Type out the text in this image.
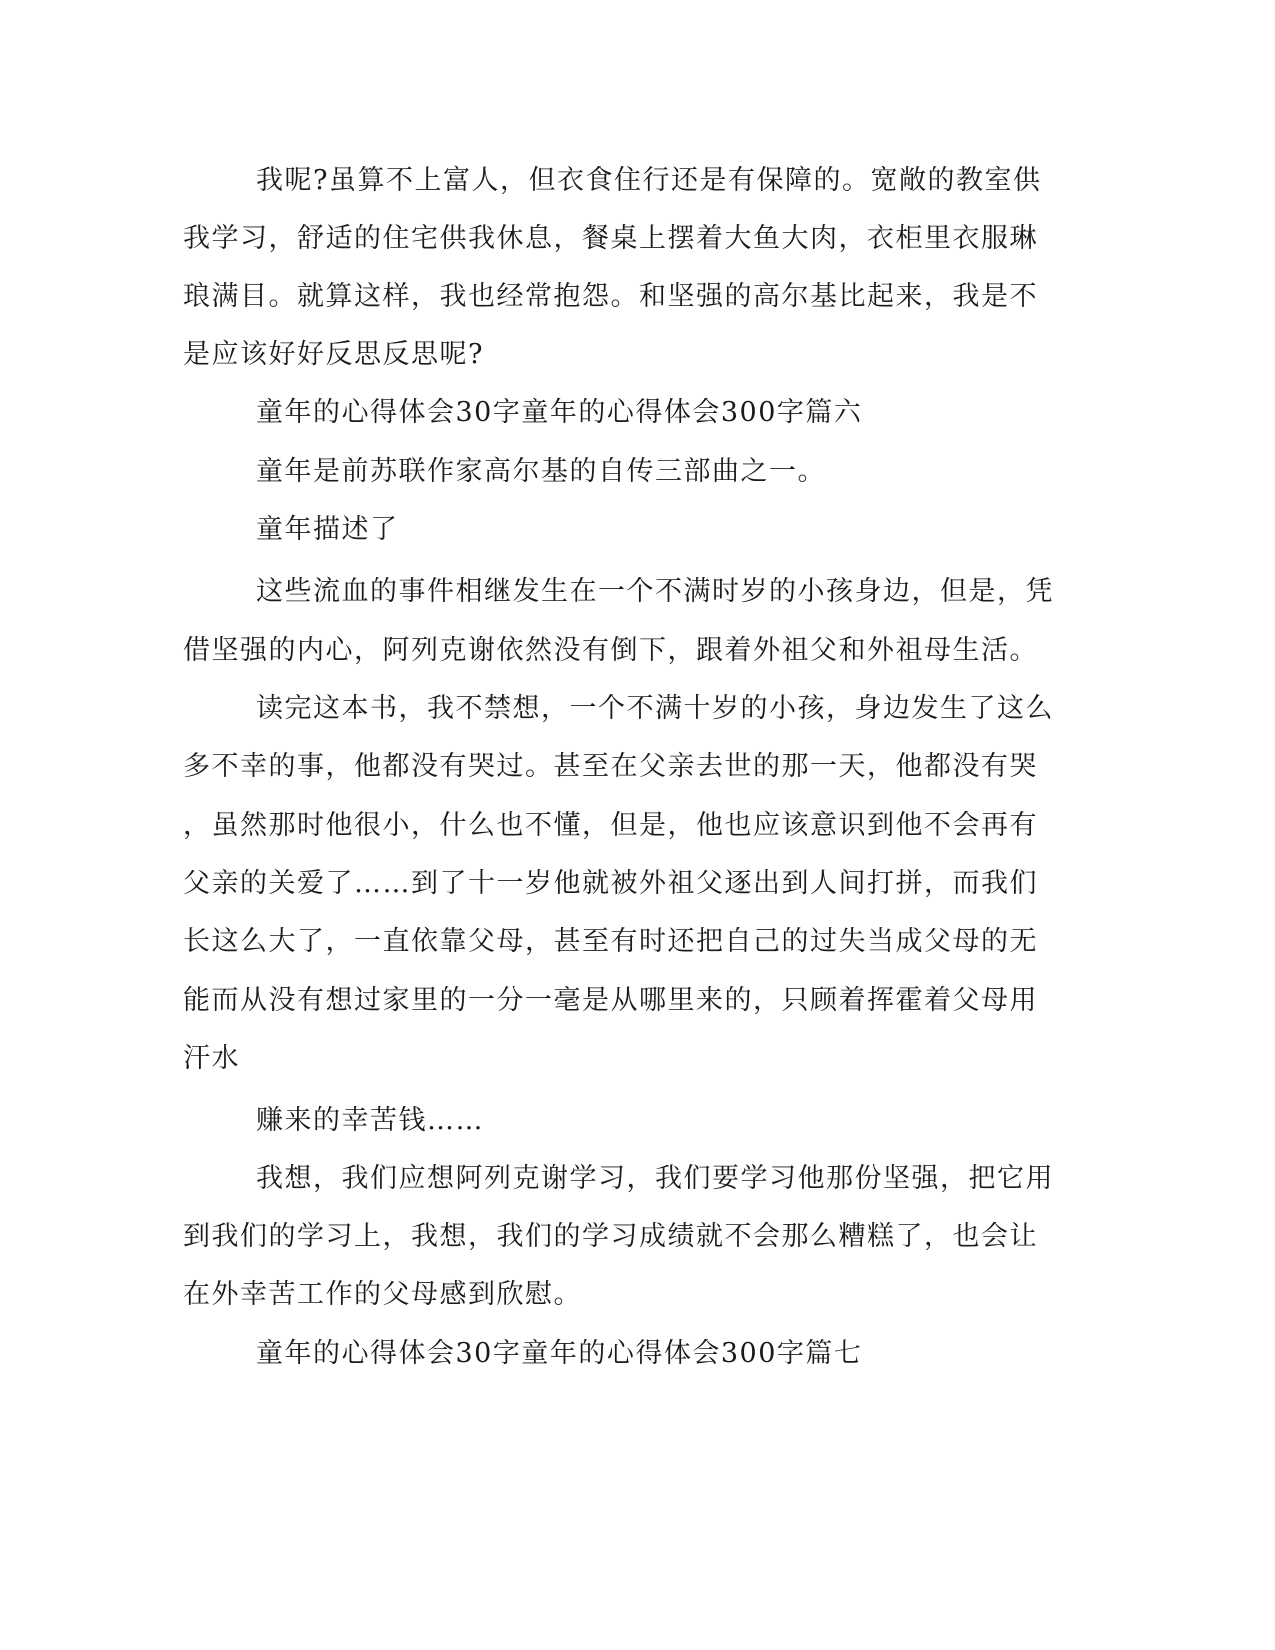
我呢?虽算不上富人，但衣食住行还是有保障的。宽敞的教室供
我学习，舒适的住宅供我休息，餐桌上摆着大鱼大肉，衣柜里衣服琳
琅满目。就算这样，我也经常抱怨。和坚强的高尔基比起来，我是不
是应该好好反思反思呢?
童年的心得体会30字童年的心得体会300字篇六
童年是前苏联作家高尔基的自传三部曲之一。
童年描述了
这些流血的事件相继发生在一个不满时岁的小孩身边，但是，凭
借坚强的内心，阿列克谢依然没有倒下，跟着外祖父和外祖母生活。
读完这本书，我不禁想，一个不满十岁的小孩，身边发生了这么
多不幸的事，他都没有哭过。甚至在父亲去世的那一天，他都没有哭
，虽然那时他很小，什么也不懂，但是，他也应该意识到他不会再有
父亲的关爱了……到了十一岁他就被外祖父逐出到人间打拼，而我们
长这么大了，一直依靠父母，甚至有时还把自己的过失当成父母的无
能而从没有想过家里的一分一毫是从哪里来的，只顾着挥霍着父母用
汗水
赚来的幸苦钱……
我想，我们应想阿列克谢学习，我们要学习他那份坚强，把它用
到我们的学习上，我想，我们的学习成绩就不会那么糟糕了，也会让
在外幸苦工作的父母感到欣慰。
童年的心得体会30字童年的心得体会300字篇七
